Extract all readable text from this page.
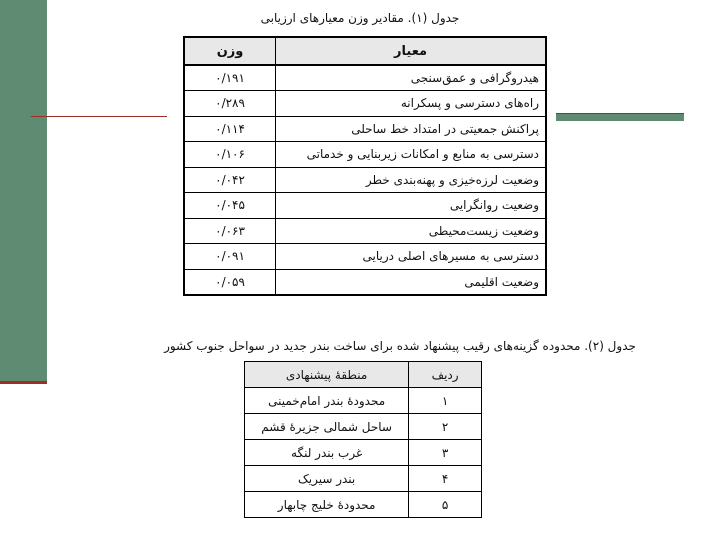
جدول (۱). مقادیر وزن معیارهای ارزیابی
معیار	وزن
هیدروگرافی و عمق‌سنجی	۰/۱۹۱
راه‌های دسترسی و پسکرانه	۰/۲۸۹
پراکنش جمعیتی در امتداد خط ساحلی	۰/۱۱۴
دسترسی به منابع و امکانات زیربنایی و خدماتی	۰/۱۰۶
وضعیت لرزه‌خیزی و پهنه‌بندی خطر	۰/۰۴۲
وضعیت روانگرایی	۰/۰۴۵
وضعیت زیست‌محیطی	۰/۰۶۳
دسترسی به مسیرهای اصلی دریایی	۰/۰۹۱
وضعیت اقلیمی	۰/۰۵۹
جدول (۲). محدوده گزینه‌های رقیب پیشنهاد شده برای ساخت بندر جدید در سواحل جنوب کشور
ردیف	منطقهٔ پیشنهادی
۱	محدودهٔ بندر امام‌خمینی
۲	ساحل شمالی جزیرهٔ قشم
۳	غرب بندر لنگه
۴	بندر سیریک
۵	محدودهٔ خلیج چابهار
